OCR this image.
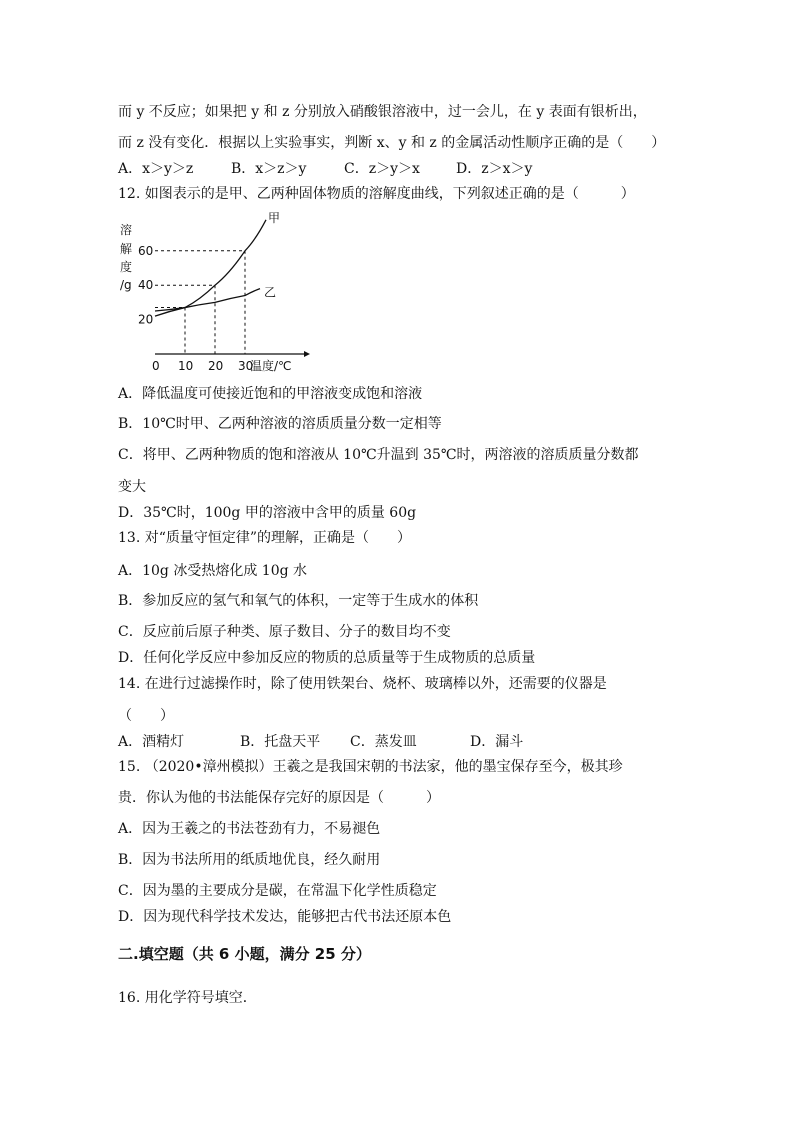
而 y 不反应；如果把 y 和 z 分别放入硝酸银溶液中，过一会儿，在 y 表面有银析出，
而 z 没有变化．根据以上实验事实，判断 x、y 和 z 的金属活动性顺序正确的是（　　）
A．x＞y＞z	B．x＞z＞y	C．z＞y＞x	D．z＞x＞y
12. 如图表示的是甲、乙两种固体物质的溶解度曲线，下列叙述正确的是（　　　）
溶
解
度
/g
温度/℃
甲
乙
20
40
60
0 10 20 30
A．降低温度可使接近饱和的甲溶液变成饱和溶液
B．10℃时甲、乙两种溶液的溶质质量分数一定相等
C．将甲、乙两种物质的饱和溶液从 10℃升温到 35℃时，两溶液的溶质质量分数都
变大
D．35℃时，100g 甲的溶液中含甲的质量 60g
13. 对“质量守恒定律”的理解，正确是（　　）
A．10g 冰受热熔化成 10g 水
B．参加反应的氢气和氧气的体积，一定等于生成水的体积
C．反应前后原子种类、原子数目、分子的数目均不变
D．任何化学反应中参加反应的物质的总质量等于生成物质的总质量
14. 在进行过滤操作时，除了使用铁架台、烧杯、玻璃棒以外，还需要的仪器是
（　　）
A．酒精灯	B．托盘天平 C．蒸发皿	D．漏斗
15. （2020•漳州模拟）王羲之是我国宋朝的书法家，他的墨宝保存至今，极其珍
贵．你认为他的书法能保存完好的原因是（　　　）
A．因为王羲之的书法苍劲有力，不易褪色
B．因为书法所用的纸质地优良，经久耐用
C．因为墨的主要成分是碳，在常温下化学性质稳定
D．因为现代科学技术发达，能够把古代书法还原本色
二.填空题（共 6 小题，满分 25 分）
16. 用化学符号填空．
